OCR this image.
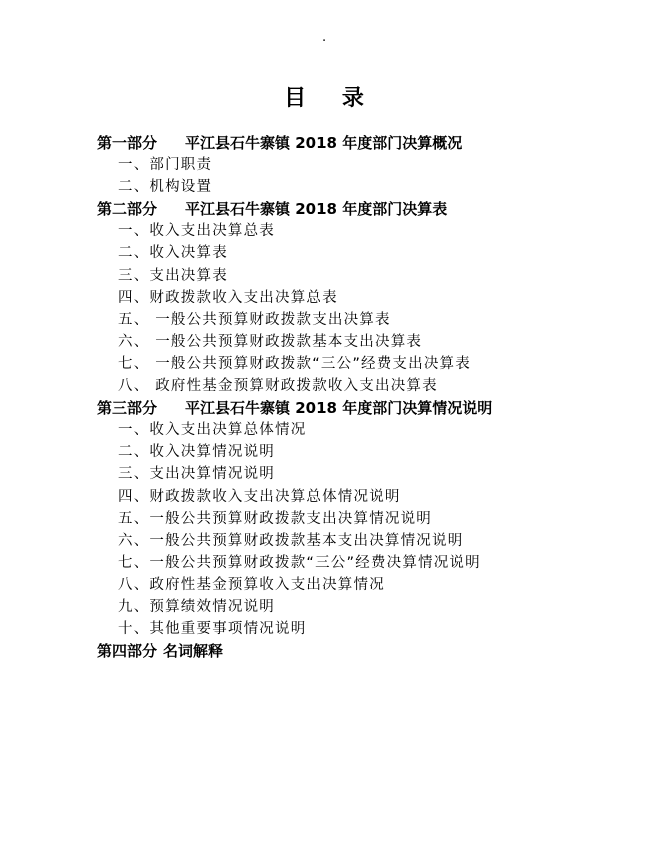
.
目 录
第一部分 平江县石牛寨镇 2018 年度部门决算概况
一、部门职责
二、机构设置
第二部分 平江县石牛寨镇 2018 年度部门决算表
一、收入支出决算总表
二、收入决算表
三、支出决算表
四、财政拨款收入支出决算总表
五、 一般公共预算财政拨款支出决算表
六、 一般公共预算财政拨款基本支出决算表
七、 一般公共预算财政拨款“三公”经费支出决算表
八、 政府性基金预算财政拨款收入支出决算表
第三部分 平江县石牛寨镇 2018 年度部门决算情况说明
一、收入支出决算总体情况
二、收入决算情况说明
三、支出决算情况说明
四、财政拨款收入支出决算总体情况说明
五、一般公共预算财政拨款支出决算情况说明
六、一般公共预算财政拨款基本支出决算情况说明
七、一般公共预算财政拨款“三公”经费决算情况说明
八、政府性基金预算收入支出决算情况
九、预算绩效情况说明
十、其他重要事项情况说明
第四部分 名词解释
